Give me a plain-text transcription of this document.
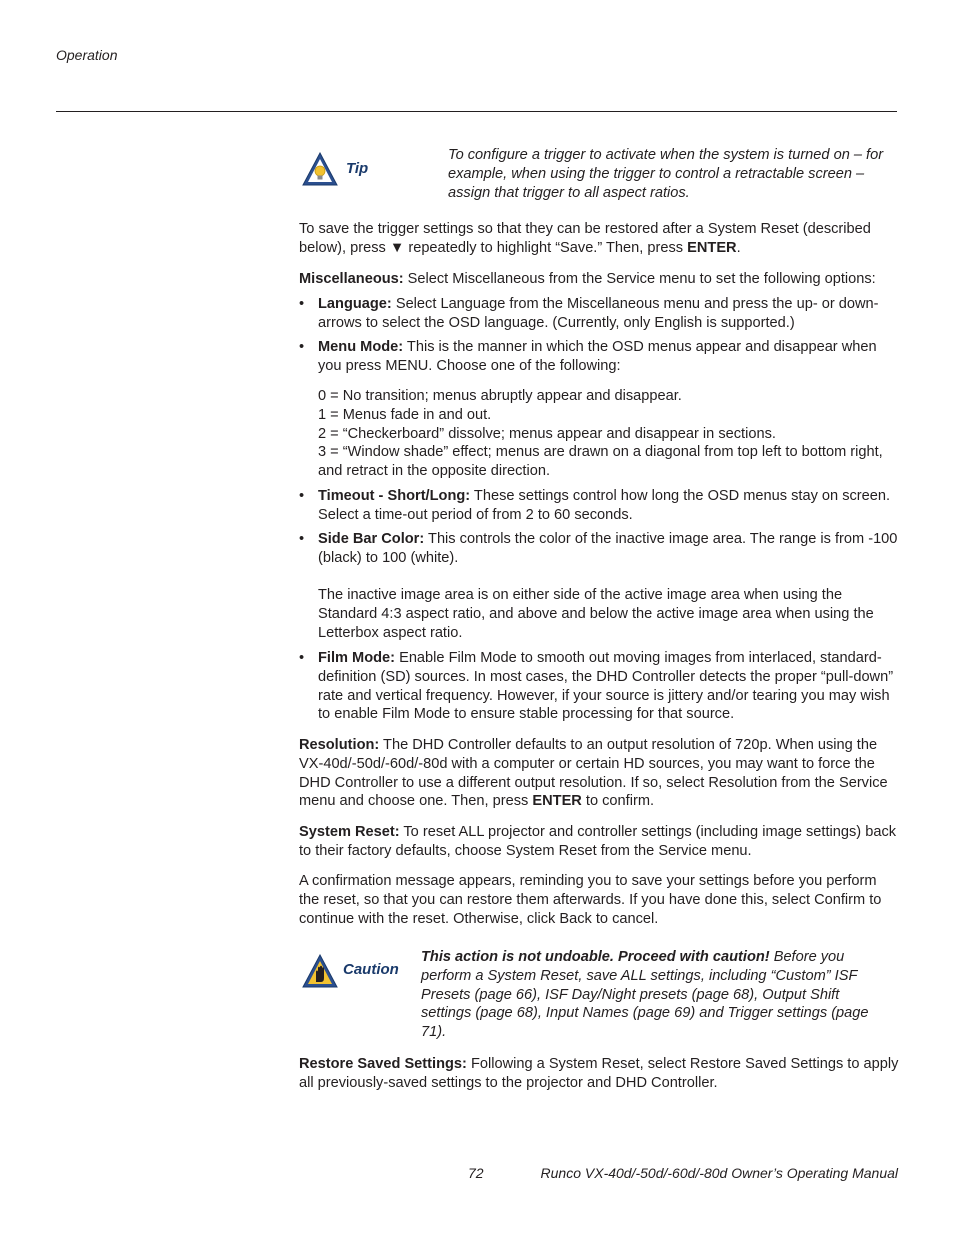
Operation
Tip
To configure a trigger to activate when the system is turned on – for example, when using the trigger to control a retractable screen – assign that trigger to all aspect ratios.
To save the trigger settings so that they can be restored after a System Reset (described below), press ▼ repeatedly to highlight “Save.” Then, press ENTER.
Miscellaneous: Select Miscellaneous from the Service menu to set the following options:
• Language: Select Language from the Miscellaneous menu and press the up- or down-arrows to select the OSD language. (Currently, only English is supported.)
• Menu Mode: This is the manner in which the OSD menus appear and disappear when you press MENU. Choose one of the following:
0 = No transition; menus abruptly appear and disappear.
1 = Menus fade in and out.
2 = “Checkerboard” dissolve; menus appear and disappear in sections.
3 = “Window shade” effect; menus are drawn on a diagonal from top left to bottom right, and retract in the opposite direction.
• Timeout - Short/Long: These settings control how long the OSD menus stay on screen. Select a time-out period of from 2 to 60 seconds.
• Side Bar Color: This controls the color of the inactive image area. The range is from -100 (black) to 100 (white).
The inactive image area is on either side of the active image area when using the Standard 4:3 aspect ratio, and above and below the active image area when using the Letterbox aspect ratio.
• Film Mode: Enable Film Mode to smooth out moving images from interlaced, standard-definition (SD) sources. In most cases, the DHD Controller detects the proper “pull-down” rate and vertical frequency. However, if your source is jittery and/or tearing you may wish to enable Film Mode to ensure stable processing for that source.
Resolution: The DHD Controller defaults to an output resolution of 720p. When using the VX-40d/-50d/-60d/-80d with a computer or certain HD sources, you may want to force the DHD Controller to use a different output resolution. If so, select Resolution from the Service menu and choose one. Then, press ENTER to confirm.
System Reset: To reset ALL projector and controller settings (including image settings) back to their factory defaults, choose System Reset from the Service menu.
A confirmation message appears, reminding you to save your settings before you perform the reset, so that you can restore them afterwards. If you have done this, select Confirm to continue with the reset. Otherwise, click Back to cancel.
Caution
This action is not undoable. Proceed with caution! Before you perform a System Reset, save ALL settings, including “Custom” ISF Presets (page 66), ISF Day/Night presets (page 68), Output Shift settings (page 68), Input Names (page 69) and Trigger settings (page 71).
Restore Saved Settings: Following a System Reset, select Restore Saved Settings to apply all previously-saved settings to the projector and DHD Controller.
72	Runco VX-40d/-50d/-60d/-80d Owner’s Operating Manual
